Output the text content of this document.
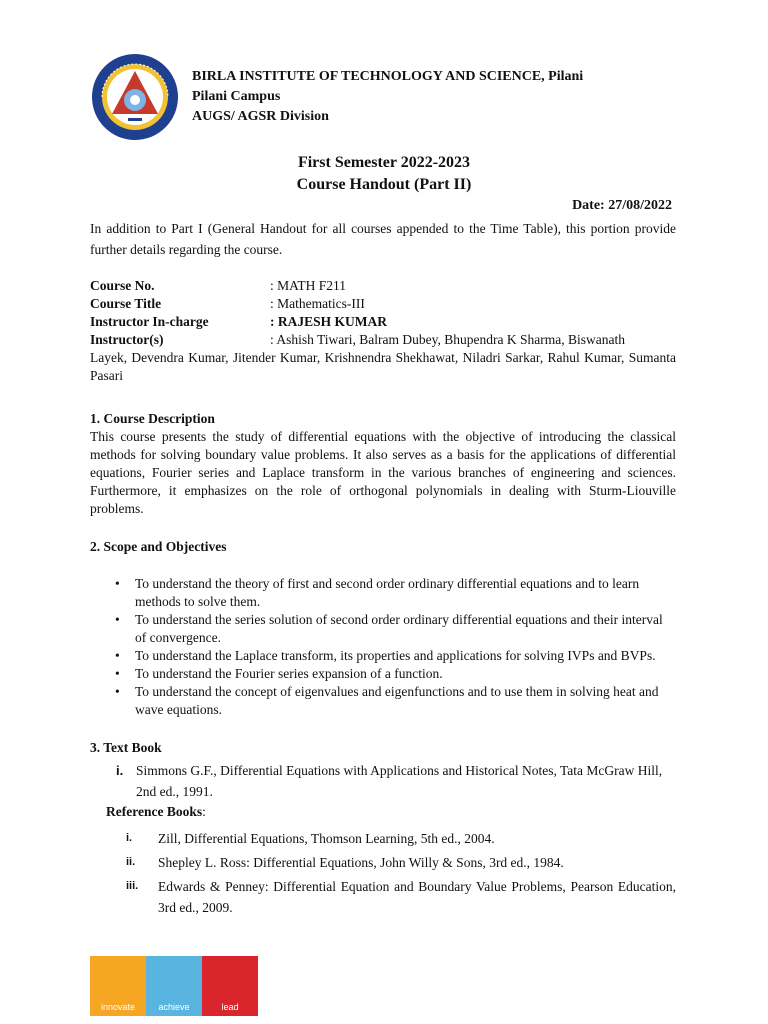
BIRLA INSTITUTE OF TECHNOLOGY AND SCIENCE, Pilani
Pilani Campus
AUGS/ AGSR Division
First Semester 2022-2023
Course Handout (Part II)
Date: 27/08/2022
In addition to Part I (General Handout for all courses appended to the Time Table), this portion provide further details regarding the course.
Course No.	: MATH F211
Course Title	: Mathematics-III
Instructor In-charge	: RAJESH KUMAR
Instructor(s)	: Ashish Tiwari, Balram Dubey, Bhupendra K Sharma, Biswanath
Layek, Devendra Kumar, Jitender Kumar, Krishnendra Shekhawat, Niladri Sarkar, Rahul Kumar, Sumanta Pasari
1. Course Description
This course presents the study of differential equations with the objective of introducing the classical methods for solving boundary value problems. It also serves as a basis for the applications of differential equations, Fourier series and Laplace transform in the various branches of engineering and sciences. Furthermore, it emphasizes on the role of orthogonal polynomials in dealing with Sturm-Liouville problems.
2. Scope and Objectives
• To understand the theory of first and second order ordinary differential equations and to learn methods to solve them.
• To understand the series solution of second order ordinary differential equations and their interval of convergence.
• To understand the Laplace transform, its properties and applications for solving IVPs and BVPs.
• To understand the Fourier series expansion of a function.
• To understand the concept of eigenvalues and eigenfunctions and to use them in solving heat and wave equations.
3. Text Book
i. Simmons G.F., Differential Equations with Applications and Historical Notes, Tata McGraw Hill, 2nd ed., 1991.
Reference Books:
i. Zill, Differential Equations, Thomson Learning, 5th ed., 2004.
ii. Shepley L. Ross: Differential Equations, John Willy & Sons, 3rd ed., 1984.
iii. Edwards & Penney: Differential Equation and Boundary Value Problems, Pearson Education, 3rd ed., 2009.
innovate	achieve	lead
